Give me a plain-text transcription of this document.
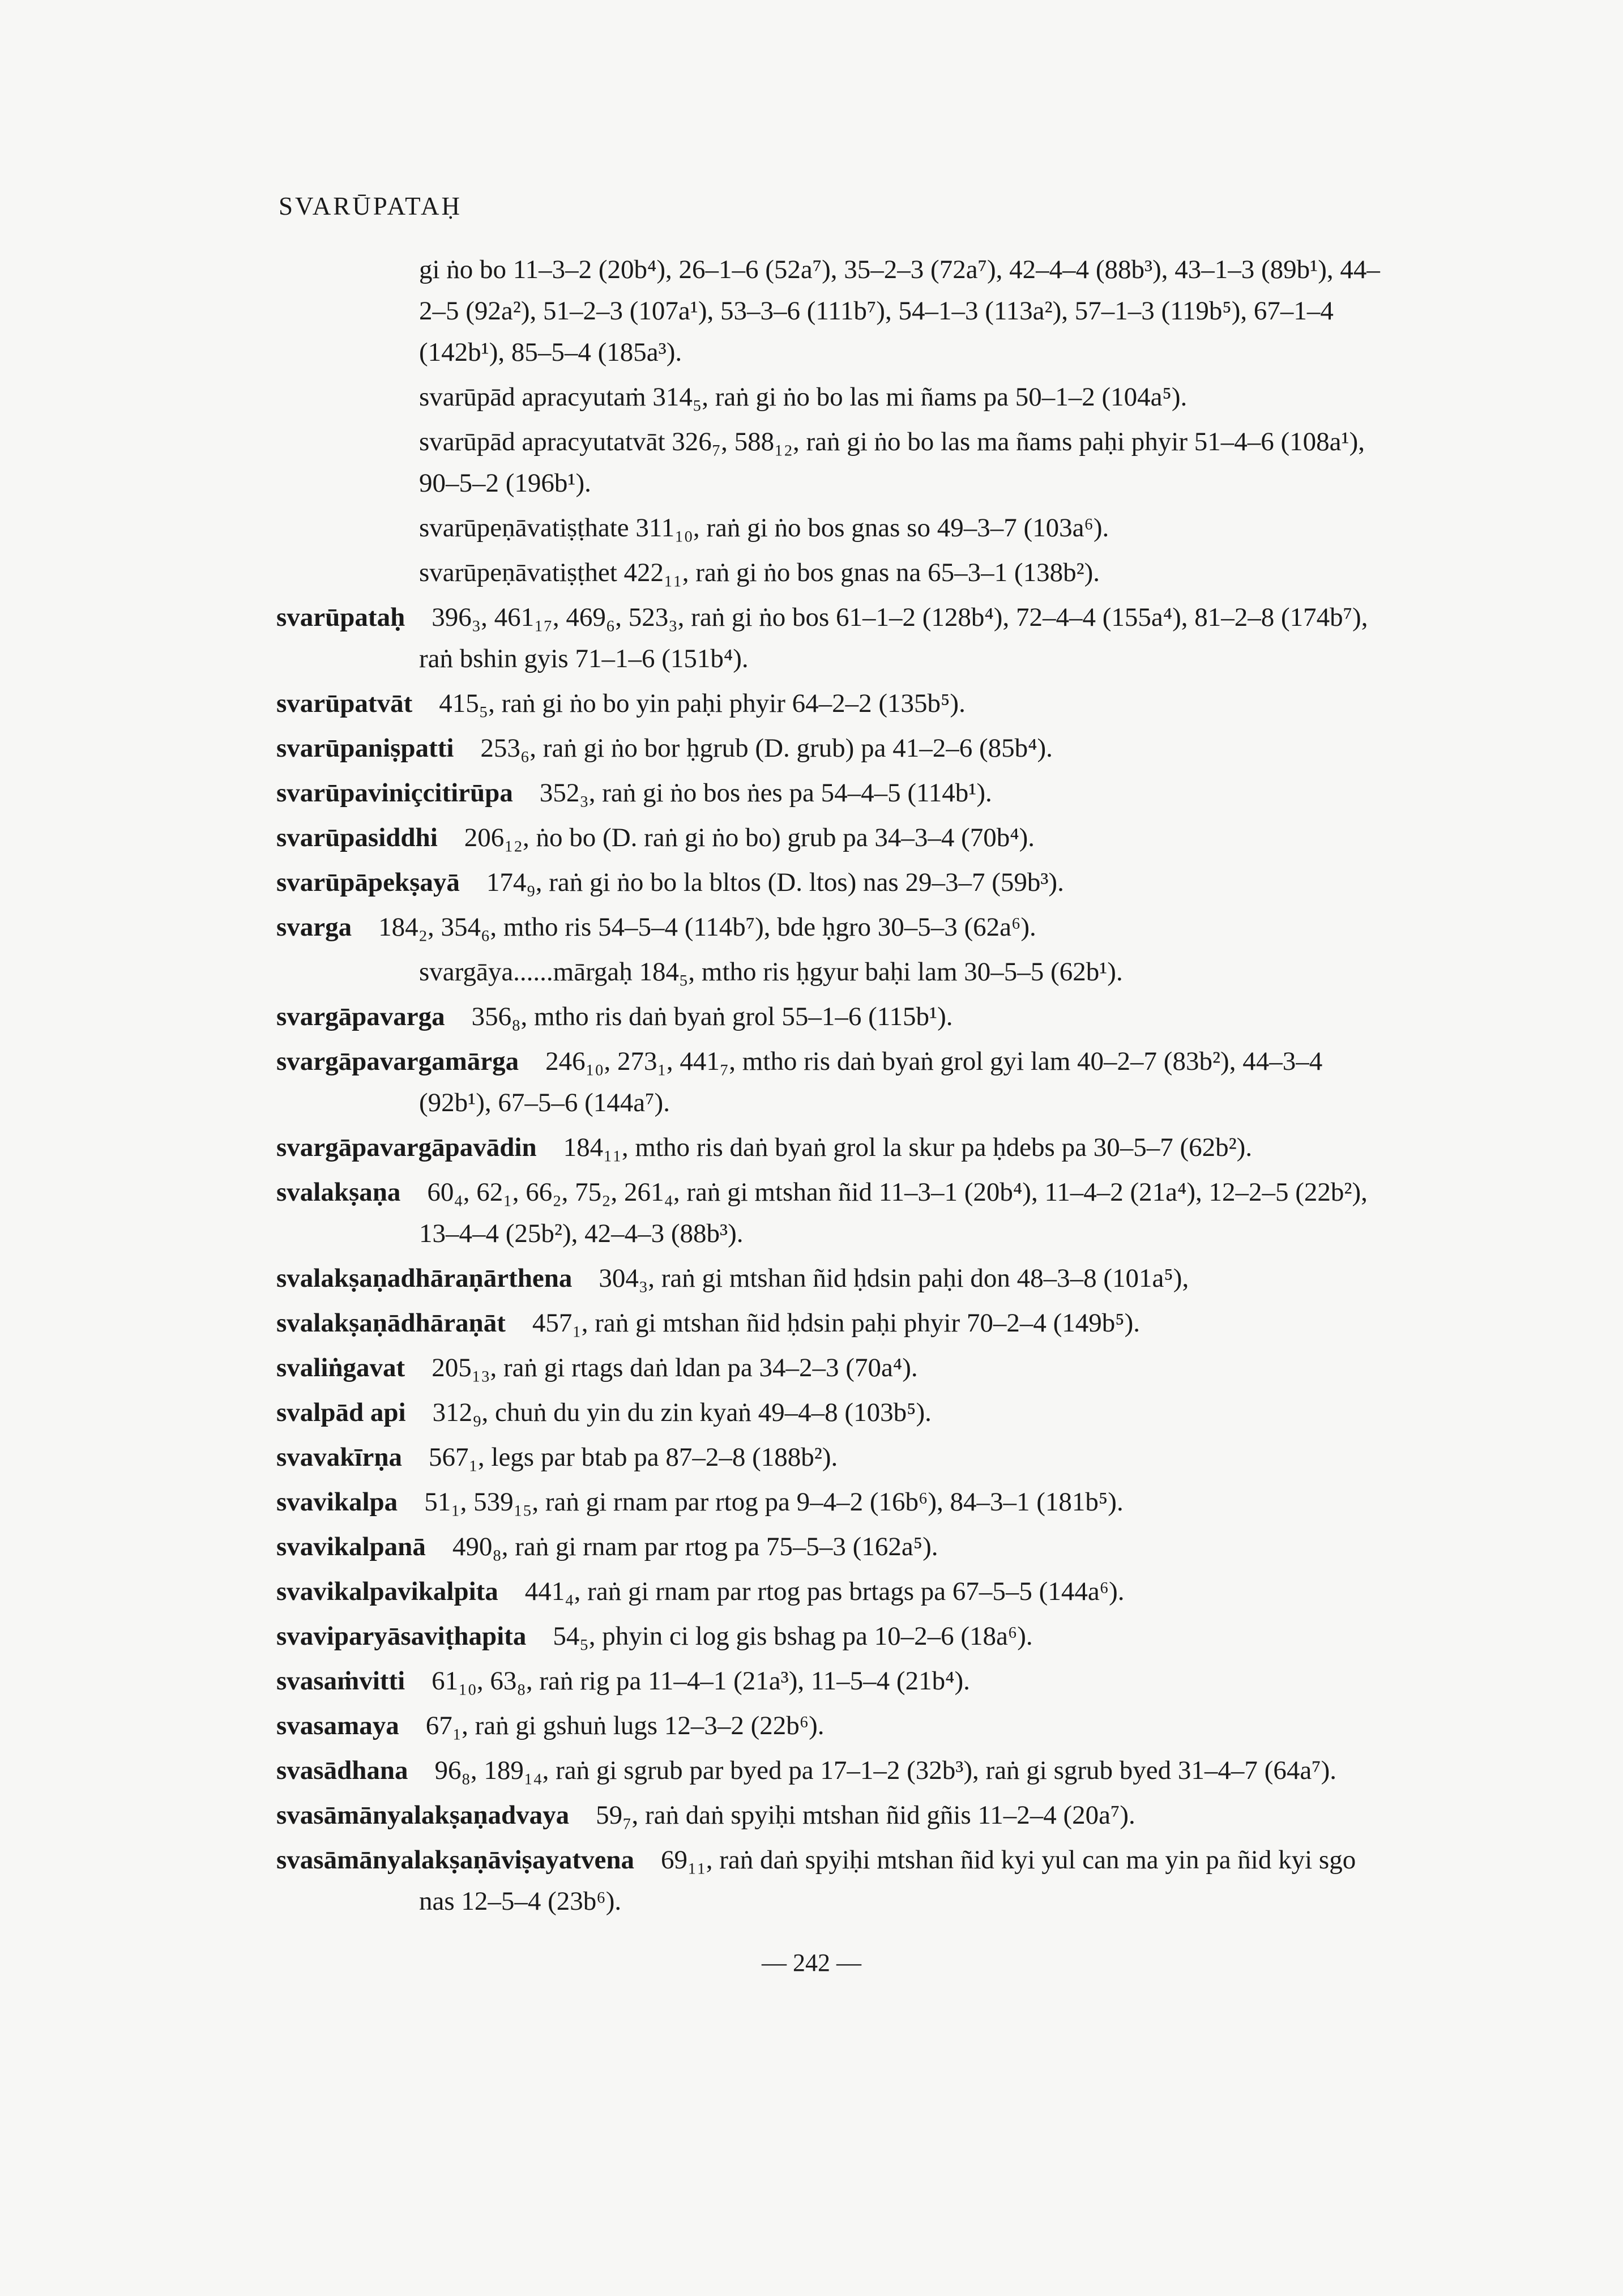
SVARŪPATAḤ

gi ṅo bo 11–3–2 (20b⁴), 26–1–6 (52a⁷), 35–2–3 (72a⁷), 42–4–4 (88b³), 43–1–3 (89b¹), 44–2–5 (92a²), 51–2–3 (107a¹), 53–3–6 (111b⁷), 54–1–3 (113a²), 57–1–3 (119b⁵), 67–1–4 (142b¹), 85–5–4 (185a³).

svarūpād apracyutaṁ 314₅, raṅ gi ṅo bo las mi ñams pa 50–1–2 (104a⁵).

svarūpād apracyutatvāt 326₇, 588₁₂, raṅ gi ṅo bo las ma ñams paḥi phyir 51–4–6 (108a¹), 90–5–2 (196b¹).

svarūpeṇāvatiṣṭhate 311₁₀, raṅ gi ṅo bos gnas so 49–3–7 (103a⁶).

svarūpeṇāvatiṣṭhet 422₁₁, raṅ gi ṅo bos gnas na 65–3–1 (138b²).

svarūpataḥ  396₃, 461₁₇, 469₆, 523₃, raṅ gi ṅo bos 61–1–2 (128b⁴), 72–4–4 (155a⁴), 81–2–8 (174b⁷), raṅ bshin gyis 71–1–6 (151b⁴).

svarūpatvāt  415₅, raṅ gi ṅo bo yin paḥi phyir 64–2–2 (135b⁵).

svarūpaniṣpatti  253₆, raṅ gi ṅo bor ḥgrub (D. grub) pa 41–2–6 (85b⁴).

svarūpaviniçcitirūpa  352₃, raṅ gi ṅo bos ṅes pa 54–4–5 (114b¹).

svarūpasiddhi  206₁₂, ṅo bo (D. raṅ gi ṅo bo) grub pa 34–3–4 (70b⁴).

svarūpāpekṣayā  174₉, raṅ gi ṅo bo la bltos (D. ltos) nas 29–3–7 (59b³).

svarga  184₂, 354₆, mtho ris 54–5–4 (114b⁷), bde ḥgro 30–5–3 (62a⁶).

svargāya......mārgaḥ 184₅, mtho ris ḥgyur baḥi lam 30–5–5 (62b¹).

svargāpavarga  356₈, mtho ris daṅ byaṅ grol 55–1–6 (115b¹).

svargāpavargamārga  246₁₀, 273₁, 441₇, mtho ris daṅ byaṅ grol gyi lam 40–2–7 (83b²), 44–3–4 (92b¹), 67–5–6 (144a⁷).

svargāpavargāpavādin  184₁₁, mtho ris daṅ byaṅ grol la skur pa ḥdebs pa 30–5–7 (62b²).

svalakṣaṇa  60₄, 62₁, 66₂, 75₂, 261₄, raṅ gi mtshan ñid 11–3–1 (20b⁴), 11–4–2 (21a⁴), 12–2–5 (22b²), 13–4–4 (25b²), 42–4–3 (88b³).

svalakṣaṇadhāraṇārthena  304₃, raṅ gi mtshan ñid ḥdsin paḥi don 48–3–8 (101a⁵),

svalakṣaṇādhāraṇāt  457₁, raṅ gi mtshan ñid ḥdsin paḥi phyir 70–2–4 (149b⁵).

svaliṅgavat  205₁₃, raṅ gi rtags daṅ ldan pa 34–2–3 (70a⁴).

svalpād api  312₉, chuṅ du yin du zin kyaṅ 49–4–8 (103b⁵).

svavakīrṇa  567₁, legs par btab pa 87–2–8 (188b²).

svavikalpa  51₁, 539₁₅, raṅ gi rnam par rtog pa 9–4–2 (16b⁶), 84–3–1 (181b⁵).

svavikalpanā  490₈, raṅ gi rnam par rtog pa 75–5–3 (162a⁵).

svavikalpavikalpita  441₄, raṅ gi rnam par rtog pas brtags pa 67–5–5 (144a⁶).

svaviparyāsaviṭhapita  54₅, phyin ci log gis bshag pa 10–2–6 (18a⁶).

svasaṁvitti  61₁₀, 63₈, raṅ rig pa 11–4–1 (21a³), 11–5–4 (21b⁴).

svasamaya  67₁, raṅ gi gshuṅ lugs 12–3–2 (22b⁶).

svasādhana  96₈, 189₁₄, raṅ gi sgrub par byed pa 17–1–2 (32b³), raṅ gi sgrub byed 31–4–7 (64a⁷).

svasāmānyalakṣaṇadvaya  59₇, raṅ daṅ spyiḥi mtshan ñid gñis 11–2–4 (20a⁷).

svasāmānyalakṣaṇāviṣayatvena  69₁₁, raṅ daṅ spyiḥi mtshan ñid kyi yul can ma yin pa ñid kyi sgo nas 12–5–4 (23b⁶).

— 242 —
